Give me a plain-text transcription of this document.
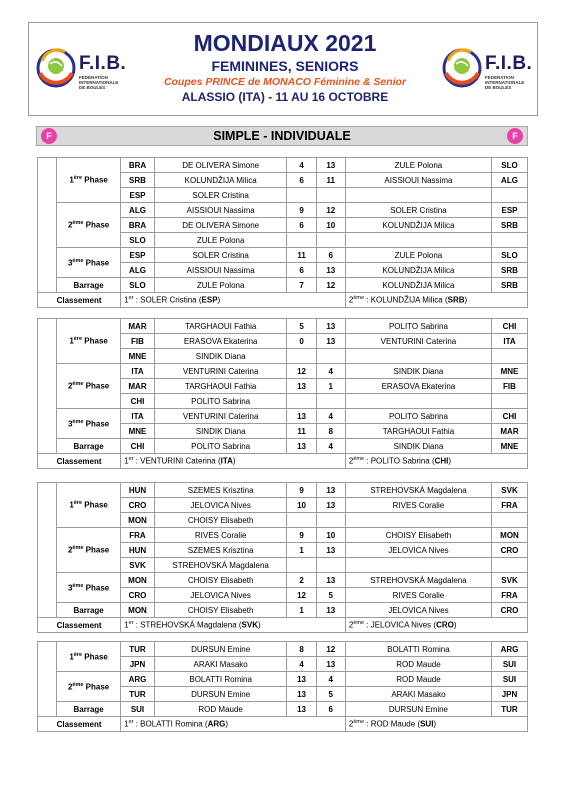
F.I.B.
FEDERATION INTERNATIONALE DE BOULES
MONDIAUX 2021
FEMININES, SENIORS
Coupes PRINCE de MONACO Féminine & Senior
ALASSIO (ITA) - 11 AU 16 OCTOBRE
F.I.B.
FEDERATION INTERNATIONALE DE BOULES
F	SIMPLE - INDIVIDUALE	F
	1ère Phase	BRA	DE OLIVERA Simone	4	13	ZULE Polona	SLO
		SRB	KOLUNDŽIJA Milica	6	11	AISSIOUI Nassima	ALG
		ESP	SOLER Cristina				
	2ème Phase	ALG	AISSIOUI Nassima	9	12	SOLER Cristina	ESP
		BRA	DE OLIVERA Simone	6	10	KOLUNDŽIJA Milica	SRB
		SLO	ZULE Polona				
	3ème Phase	ESP	SOLER Cristina	11	6	ZULE Polona	SLO
		ALG	AISSIOUI Nassima	6	13	KOLUNDŽIJA Milica	SRB
	Barrage	SLO	ZULE Polona	7	12	KOLUNDŽIJA Milica	SRB
Classement		1er : SOLER Cristina (ESP)				2ème : KOLUNDŽIJA Milica (SRB)	
	1ère Phase	MAR	TARGHAOUI Fathia	5	13	POLITO Sabrina	CHI
		FIB	ERASOVA Ekaterina	0	13	VENTURINI Caterina	ITA
		MNE	SINDIK Diana				
	2ème Phase	ITA	VENTURINI Caterina	12	4	SINDIK Diana	MNE
		MAR	TARGHAOUI Fathia	13	1	ERASOVA Ekaterina	FIB
		CHI	POLITO Sabrina				
	3ème Phase	ITA	VENTURINI Caterina	13	4	POLITO Sabrina	CHI
		MNE	SINDIK Diana	11	8	TARGHAOUI Fathia	MAR
	Barrage	CHI	POLITO Sabrina	13	4	SINDIK Diana	MNE
Classement		1er : VENTURINI Caterina (ITA)				2ème : POLITO Sabrina (CHI)	
	1ère Phase	HUN	SZEMES Krisztina	9	13	STREHOVSKÁ Magdalena	SVK
		CRO	JELOVICA Nives	10	13	RIVES Coralie	FRA
		MON	CHOISY Elisabeth				
	2ème Phase	FRA	RIVES Coralie	9	10	CHOISY Elisabeth	MON
		HUN	SZEMES Krisztina	1	13	JELOVICA Nives	CRO
		SVK	STREHOVSKÁ Magdalena				
	3ème Phase	MON	CHOISY Elisabeth	2	13	STREHOVSKÁ Magdalena	SVK
		CRO	JELOVICA Nives	12	5	RIVES Coralie	FRA
	Barrage	MON	CHOISY Elisabeth	1	13	JELOVICA Nives	CRO
Classement		1er : STREHOVSKÁ Magdalena (SVK)				2ème : JELOVICA Nives (CRO)	
	1ère Phase	TUR	DURSUN Emine	8	12	BOLATTI Romina	ARG
		JPN	ARAKI Masako	4	13	ROD Maude	SUI
	2ème Phase	ARG	BOLATTI Romina	13	4	ROD Maude	SUI
		TUR	DURSUN Emine	13	5	ARAKI Masako	JPN
	Barrage	SUI	ROD Maude	13	6	DURSUN Emine	TUR
Classement		1er : BOLATTI Romina (ARG)				2ème : ROD Maude (SUI)	
